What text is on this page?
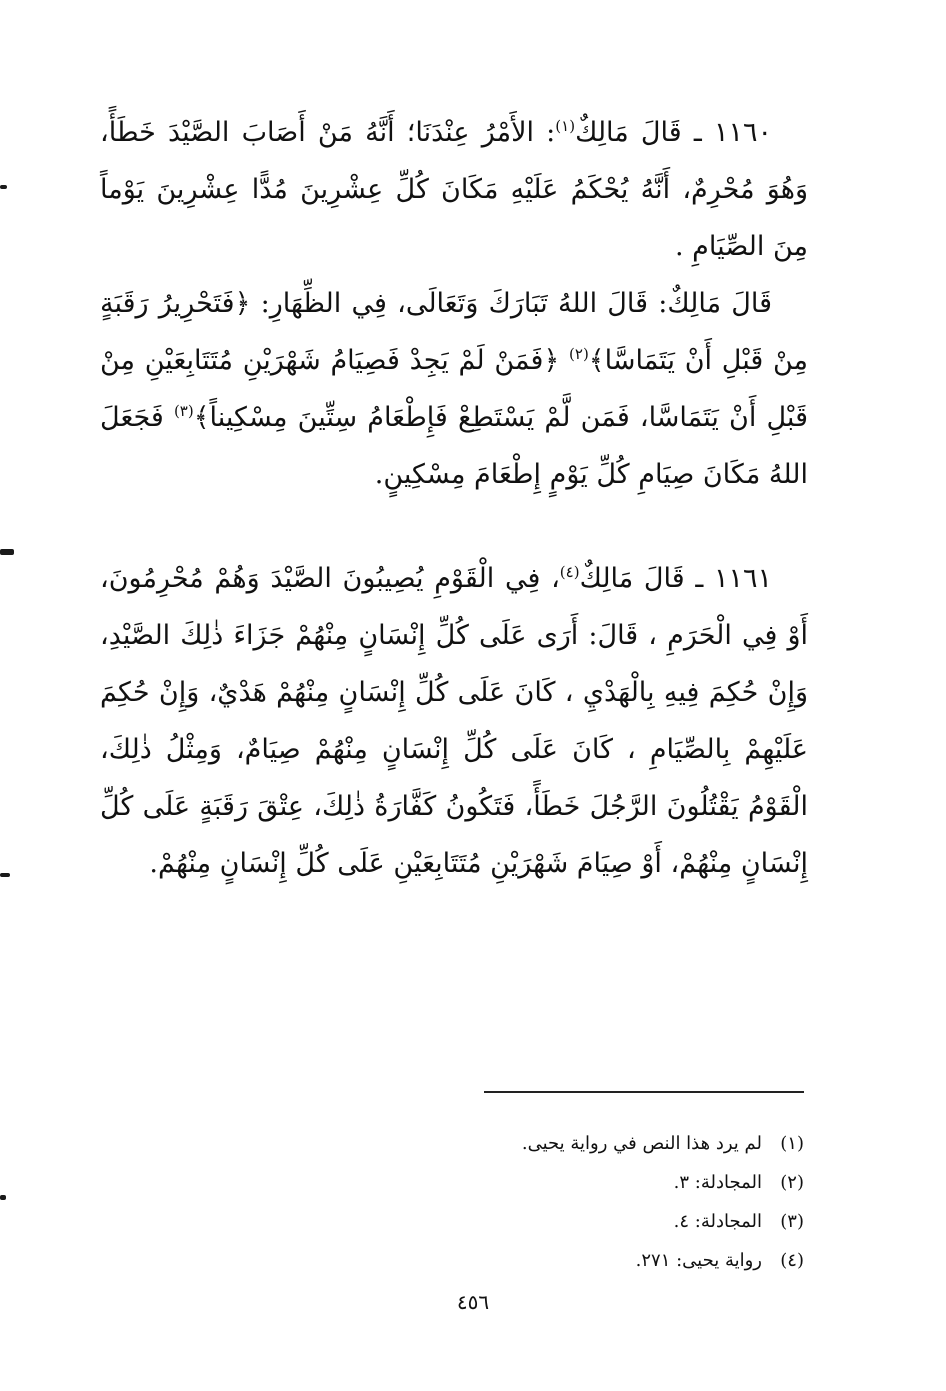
١١٦٠ ـ قَالَ مَالِكٌ$^{(١)}$: الأَمْرُ عِنْدَنَا؛ أَنَّهُ مَنْ أَصَابَ الصَّيْدَ خَطَأً، وَهُوَ مُحْرِمٌ، أَنَّهُ يُحْكَمُ عَلَيْهِ مَكَانَ كُلِّ عِشْرِينَ مُدًّا عِشْرِينَ يَوْماً مِنَ الصِّيَامِ .

قَالَ مَالِكٌ: قَالَ اللهُ تَبَارَكَ وَتَعَالَى، فِي الظِّهَارِ: ﴿فَتَحْرِيرُ رَقَبَةٍ مِنْ قَبْلِ أَنْ يَتَمَاسَّا﴾$^{(٢)}$ ﴿فَمَنْ لَمْ يَجِدْ فَصِيَامُ شَهْرَيْنِ مُتَتَابِعَيْنِ مِنْ قَبْلِ أَنْ يَتَمَاسَّا، فَمَن لَّمْ يَسْتَطِعْ فَإِطْعَامُ سِتِّينَ مِسْكِيناً﴾$^{(٣)}$ فَجَعَلَ اللهُ مَكَانَ صِيَامِ كُلِّ يَوْمٍ إِطْعَامَ مِسْكِينٍ.

١١٦١ ـ قَالَ مَالِكٌ$^{(٤)}$، فِي الْقَوْمِ يُصِيبُونَ الصَّيْدَ وَهُمْ مُحْرِمُونَ، أَوْ فِي الْحَرَمِ ، قَالَ: أَرَى عَلَى كُلِّ إِنْسَانٍ مِنْهُمْ جَزَاءَ ذٰلِكَ الصَّيْدِ، وَإِنْ حُكِمَ فِيهِ بِالْهَدْيِ ، كَانَ عَلَى كُلِّ إِنْسَانٍ مِنْهُمْ هَدْيٌ، وَإِنْ حُكِمَ عَلَيْهِمْ بِالصِّيَامِ ، كَانَ عَلَى كُلِّ إِنْسَانٍ مِنْهُمْ صِيَامٌ، وَمِثْلُ ذٰلِكَ، الْقَوْمُ يَقْتُلُونَ الرَّجُلَ خَطَأً، فَتَكُونُ كَفَّارَةُ ذٰلِكَ، عِتْقَ رَقَبَةٍ عَلَى كُلِّ إِنْسَانٍ مِنْهُمْ، أَوْ صِيَامَ شَهْرَيْنِ مُتَتَابِعَيْنِ عَلَى كُلِّ إِنْسَانٍ مِنْهُمْ.

(١)لم يرد هذا النص في رواية يحيى.
(٢)المجادلة: ٣.
(٣)المجادلة: ٤.
(٤)رواية يحيى: ٢٧١.
٤٥٦
